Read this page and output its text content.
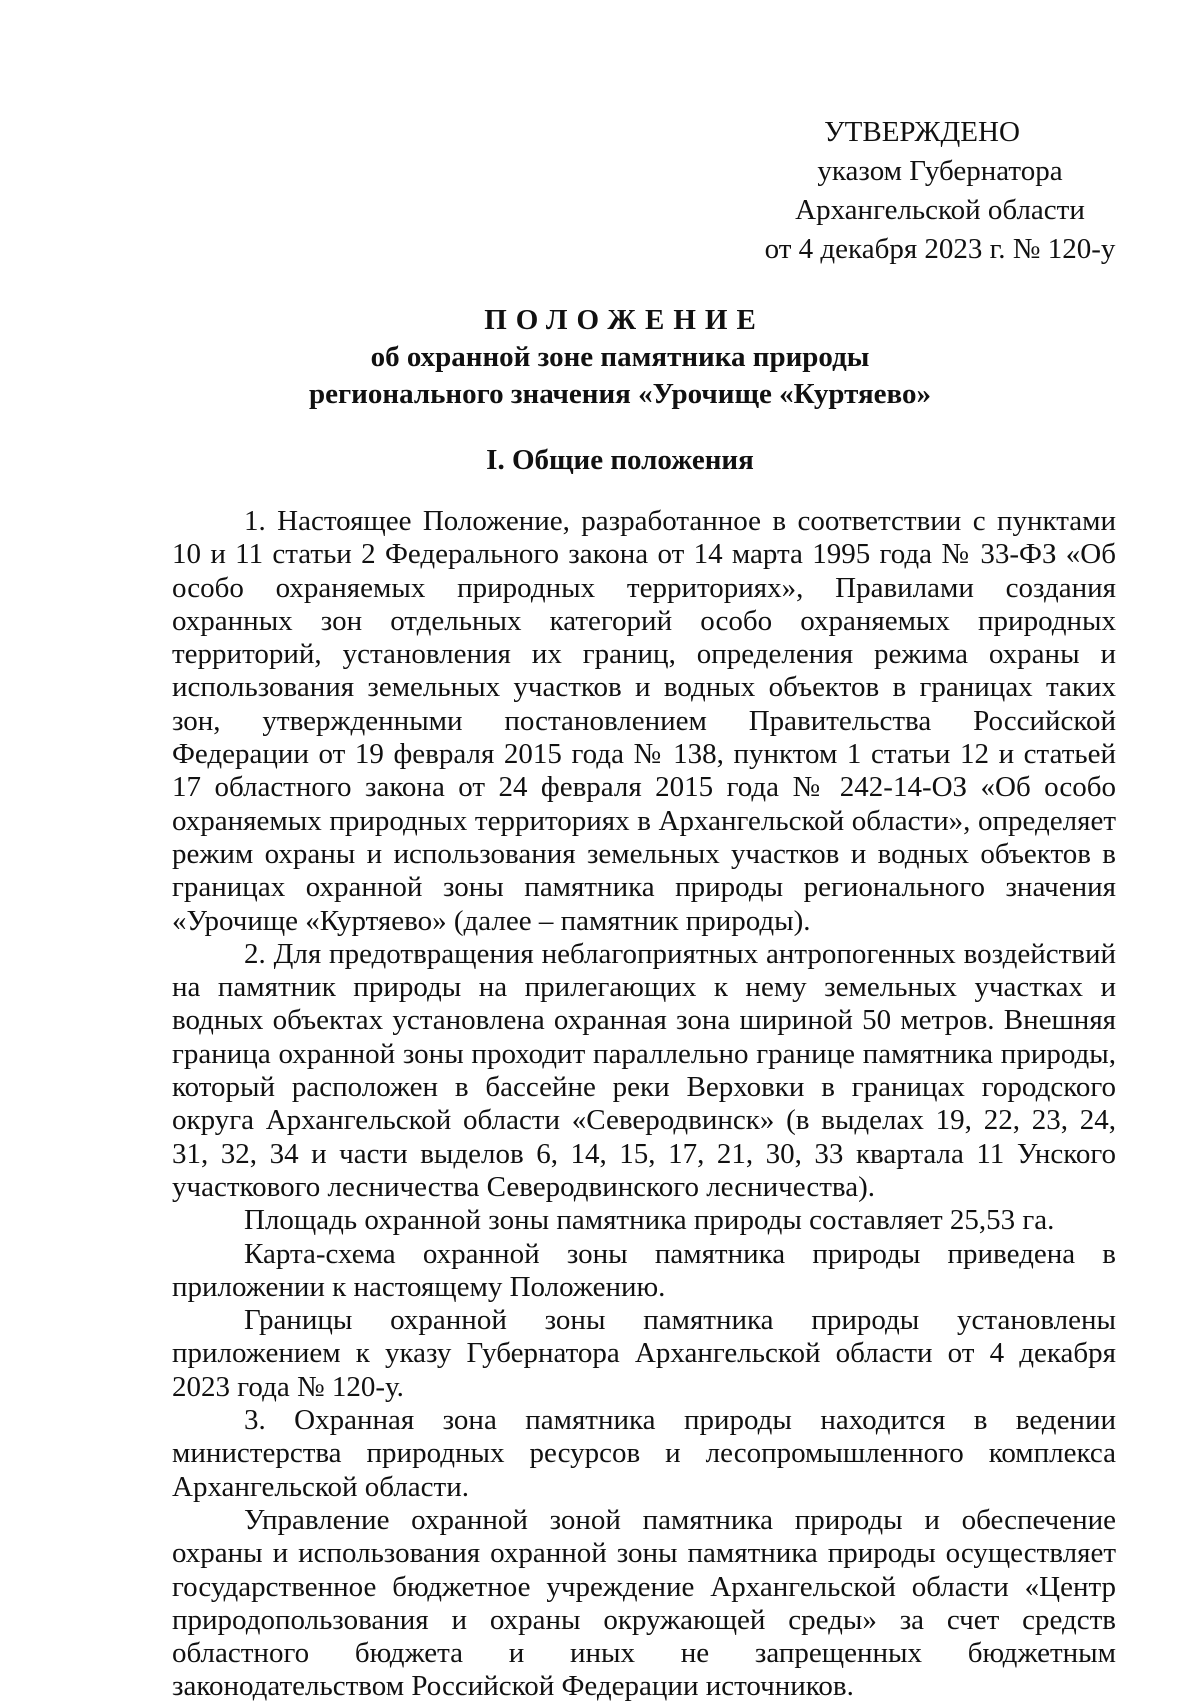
УТВЕРЖДЕНО
указом Губернатора
Архангельской области
от 4 декабря 2023 г. № 120-у
ПОЛОЖЕНИЕ
об охранной зоне памятника природы
регионального значения «Урочище «Куртяево»
I. Общие положения

1. Настоящее Положение, разработанное в соответствии с пунктами 10 и 11 статьи 2 Федерального закона от 14 марта 1995 года № 33-ФЗ «Об особо охраняемых природных территориях», Правилами создания охранных зон отдельных категорий особо охраняемых природных территорий, установления их границ, определения режима охраны и использования земельных участков и водных объектов в границах таких зон, утвержденными постановлением Правительства Российской Федерации от 19 февраля 2015 года № 138, пунктом 1 статьи 12 и статьей 17 областного закона от 24 февраля 2015 года № 242-14-ОЗ «Об особо охраняемых природных территориях в Архангельской области», определяет режим охраны и использования земельных участков и водных объектов в границах охранной зоны памятника природы регионального значения «Урочище «Куртяево» (далее – памятник природы).

2. Для предотвращения неблагоприятных антропогенных воздействий на памятник природы на прилегающих к нему земельных участках и водных объектах установлена охранная зона шириной 50 метров. Внешняя граница охранной зоны проходит параллельно границе памятника природы, который расположен в бассейне реки Верховки в границах городского округа Архангельской области «Северодвинск» (в выделах 19, 22, 23, 24, 31, 32, 34 и части выделов 6, 14, 15, 17, 21, 30, 33 квартала 11 Унского участкового лесничества Северодвинского лесничества).

Площадь охранной зоны памятника природы составляет 25,53 га.

Карта-схема охранной зоны памятника природы приведена в приложении к настоящему Положению.

Границы охранной зоны памятника природы установлены приложением к указу Губернатора Архангельской области от 4 декабря 2023 года № 120-у.

3. Охранная зона памятника природы находится в ведении министерства природных ресурсов и лесопромышленного комплекса Архангельской области.

Управление охранной зоной памятника природы и обеспечение охраны и использования охранной зоны памятника природы осуществляет государственное бюджетное учреждение Архангельской области «Центр природопользования и охраны окружающей среды» за счет средств областного бюджета и иных не запрещенных бюджетным законодательством Российской Федерации источников.
